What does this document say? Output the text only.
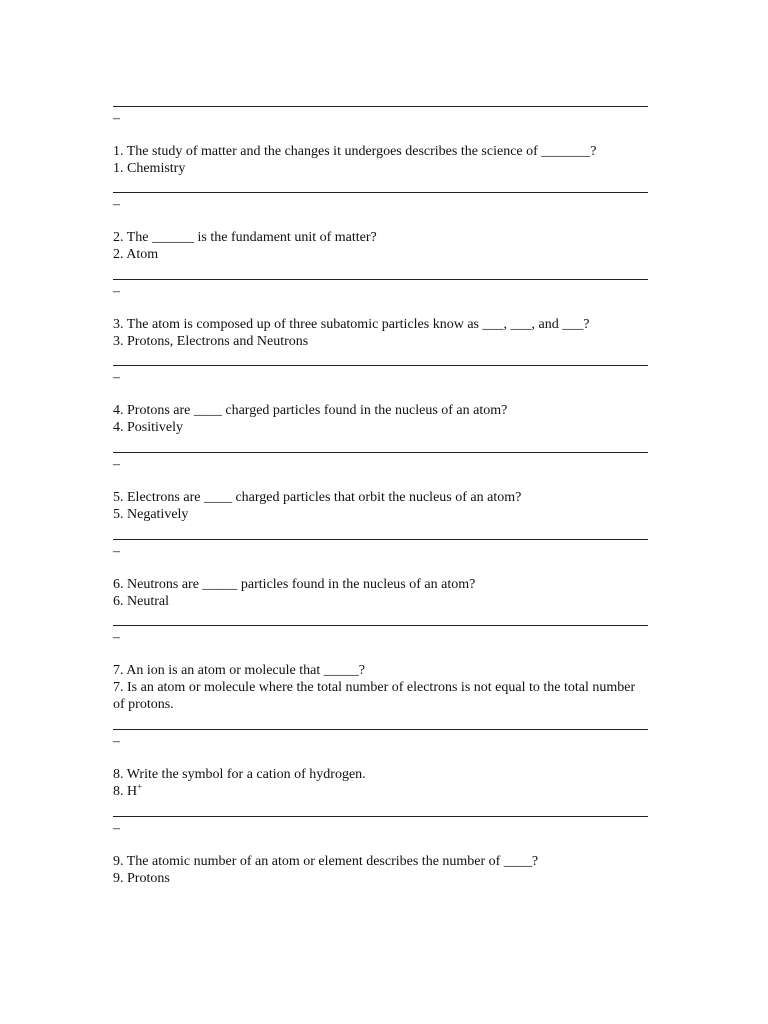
–
1. The study of matter and the changes it undergoes describes the science of _______?
1. Chemistry
–
2. The ______ is the fundament unit of matter?
2. Atom
–
3. The atom is composed up of three subatomic particles know as ___, ___, and ___?
3. Protons, Electrons and Neutrons
–
4. Protons are ____ charged particles found in the nucleus of an atom?
4. Positively
–
5. Electrons are ____ charged particles that orbit the nucleus of an atom?
5. Negatively
–
6. Neutrons are _____ particles found in the nucleus of an atom?
6. Neutral
–
7. An ion is an atom or molecule that _____?
7. Is an atom or molecule where the total number of electrons is not equal to the total number of protons.
–
8. Write the symbol for a cation of hydrogen.
8. H+
–
9. The atomic number of an atom or element describes the number of ____?
9. Protons
